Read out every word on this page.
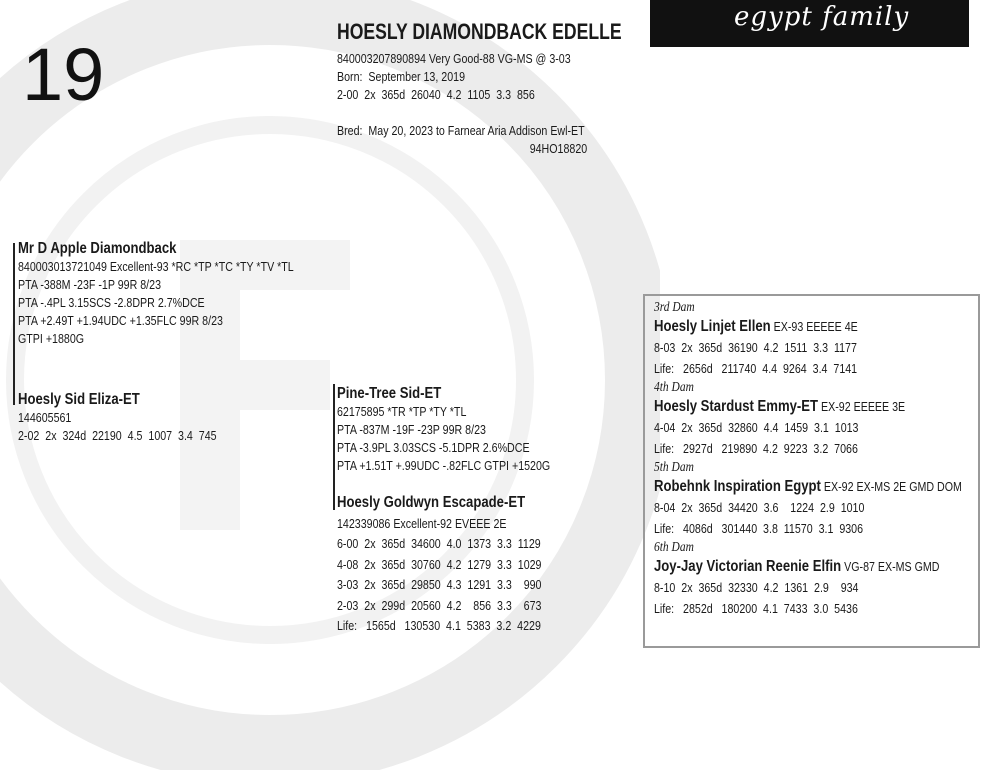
19
HOESLY DIAMONDBACK EDELLE
840003207890894 Very Good-88 VG-MS @ 3-03
Born:  September 13, 2019
2-00  2x  365d  26040  4.2  1105  3.3  856
Bred:  May 20, 2023 to Farnear Aria Addison Ewl-ET
94HO18820
egypt family
Mr D Apple Diamondback
840003013721049 Excellent-93 *RC *TP *TC *TY *TV *TL
PTA -388M -23F -1P 99R 8/23
PTA -.4PL 3.15SCS -2.8DPR 2.7%DCE
PTA +2.49T +1.94UDC +1.35FLC 99R 8/23
GTPI +1880G
Hoesly Sid Eliza-ET
144605561
2-02  2x  324d  22190  4.5  1007  3.4  745
Pine-Tree Sid-ET
62175895 *TR *TP *TY *TL
PTA -837M -19F -23P 99R 8/23
PTA -3.9PL 3.03SCS -5.1DPR 2.6%DCE
PTA +1.51T +.99UDC -.82FLC GTPI +1520G
Hoesly Goldwyn Escapade-ET
142339086 Excellent-92 EVEEE 2E
6-00  2x  365d  34600  4.0  1373  3.3  1129
4-08  2x  365d  30760  4.2  1279  3.3  1029
3-03  2x  365d  29850  4.3  1291  3.3    990
2-03  2x  299d  20560  4.2    856  3.3    673
Life:   1565d   130530  4.1  5383  3.2  4229
3rd Dam
Hoesly Linjet Ellen EX-93 EEEEE 4E
8-03  2x  365d  36190  4.2  1511  3.3  1177
Life:   2656d   211740  4.4  9264  3.4  7141
4th Dam
Hoesly Stardust Emmy-ET EX-92 EEEEE 3E
4-04  2x  365d  32860  4.4  1459  3.1  1013
Life:   2927d   219890  4.2  9223  3.2  7066
5th Dam
Robehnk Inspiration Egypt EX-92 EX-MS 2E GMD DOM
8-04  2x  365d  34420  3.6    1224  2.9  1010
Life:   4086d   301440  3.8  11570  3.1  9306
6th Dam
Joy-Jay Victorian Reenie Elfin VG-87 EX-MS GMD
8-10  2x  365d  32330  4.2  1361  2.9    934
Life:   2852d   180200  4.1  7433  3.0  5436
